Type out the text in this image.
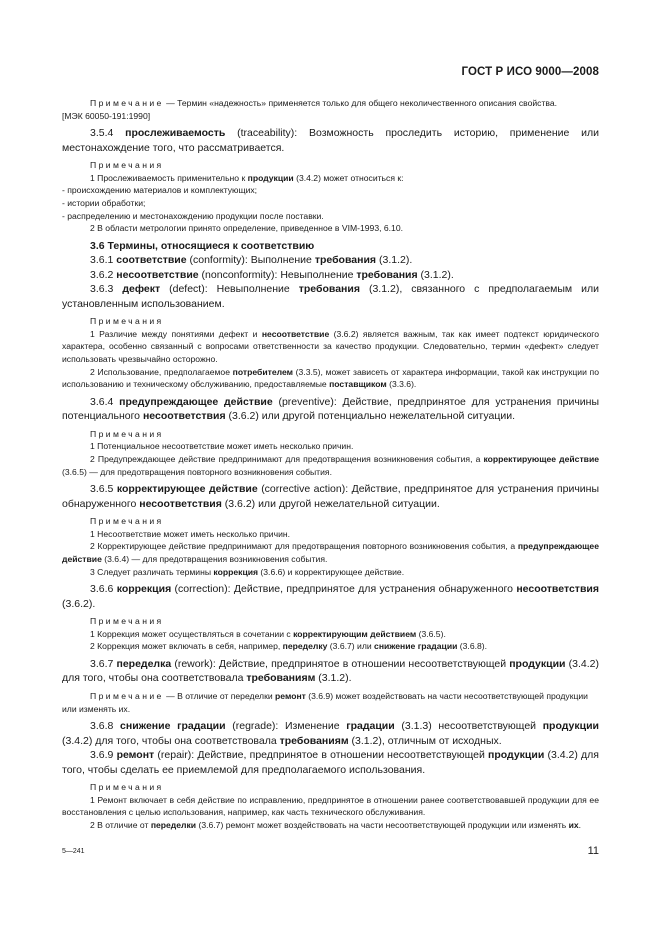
ГОСТ Р ИСО 9000—2008

Примечание — Термин «надежность» применяется только для общего неколичественного описания свойства.

[МЭК 60050-191:1990]

3.5.4 прослеживаемость (traceability): Возможность проследить историю, применение или местонахождение того, что рассматривается.

Примечания

1 Прослеживаемость применительно к продукции (3.4.2) может относиться к:

- происхождению материалов и комплектующих;

- истории обработки;

- распределению и местонахождению продукции после поставки.

2 В области метрологии принято определение, приведенное в VIM-1993, 6.10.

3.6 Термины, относящиеся к соответствию

3.6.1 соответствие (conformity): Выполнение требования (3.1.2).

3.6.2 несоответствие (nonconformity): Невыполнение требования (3.1.2).

3.6.3 дефект (defect): Невыполнение требования (3.1.2), связанного с предполагаемым или установленным использованием.

Примечания

1 Различие между понятиями дефект и несоответствие (3.6.2) является важным, так как имеет подтекст юридического характера, особенно связанный с вопросами ответственности за качество продукции. Следовательно, термин «дефект» следует использовать чрезвычайно осторожно.

2 Использование, предполагаемое потребителем (3.3.5), может зависеть от характера информации, такой как инструкции по использованию и техническому обслуживанию, предоставляемые поставщиком (3.3.6).

3.6.4 предупреждающее действие (preventive): Действие, предпринятое для устранения причины потенциального несоответствия (3.6.2) или другой потенциально нежелательной ситуации.

Примечания

1 Потенциальное несоответствие может иметь несколько причин.

2 Предупреждающее действие предпринимают для предотвращения возникновения события, а корректирующее действие (3.6.5) — для предотвращения повторного возникновения события.

3.6.5 корректирующее действие (corrective action): Действие, предпринятое для устранения причины обнаруженного несоответствия (3.6.2) или другой нежелательной ситуации.

Примечания

1 Несоответствие может иметь несколько причин.

2 Корректирующее действие предпринимают для предотвращения повторного возникновения события, а предупреждающее действие (3.6.4) — для предотвращения возникновения события.

3 Следует различать термины коррекция (3.6.6) и корректирующее действие.

3.6.6 коррекция (correction): Действие, предпринятое для устранения обнаруженного несоответствия (3.6.2).

Примечания

1 Коррекция может осуществляться в сочетании с корректирующим действием (3.6.5).

2 Коррекция может включать в себя, например, переделку (3.6.7) или снижение градации (3.6.8).

3.6.7 переделка (rework): Действие, предпринятое в отношении несоответствующей продукции (3.4.2) для того, чтобы она соответствовала требованиям (3.1.2).

Примечание — В отличие от переделки ремонт (3.6.9) может воздействовать на части несоответствующей продукции или изменять их.

3.6.8 снижение градации (regrade): Изменение градации (3.1.3) несоответствующей продукции (3.4.2) для того, чтобы она соответствовала требованиям (3.1.2), отличным от исходных.

3.6.9 ремонт (repair): Действие, предпринятое в отношении несоответствующей продукции (3.4.2) для того, чтобы сделать ее приемлемой для предполагаемого использования.

Примечания

1 Ремонт включает в себя действие по исправлению, предпринятое в отношении ранее соответствовавшей продукции для ее восстановления с целью использования, например, как часть технического обслуживания.

2 В отличие от переделки (3.6.7) ремонт может воздействовать на части несоответствующей продукции или изменять их.

5—241	11
